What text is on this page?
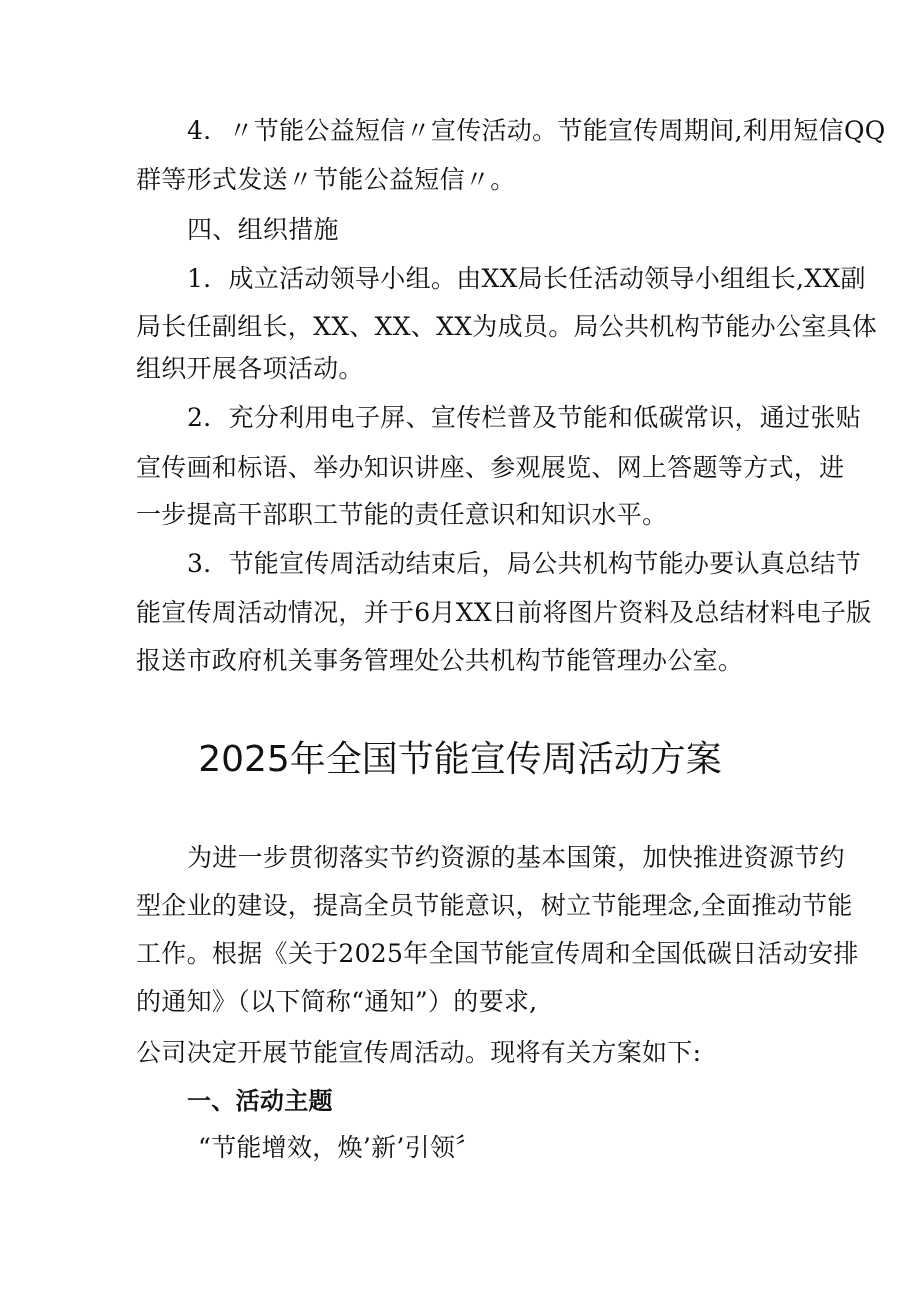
4．〃节能公益短信〃宣传活动。节能宣传周期间,利用短信QQ
群等形式发送〃节能公益短信〃。
四、组织措施
1．成立活动领导小组。由XX局长任活动领导小组组长,XX副
局长任副组长，XX、XX、XX为成员。局公共机构节能办公室具体
组织开展各项活动。
2．充分利用电子屏、宣传栏普及节能和低碳常识，通过张贴
宣传画和标语、举办知识讲座、参观展览、网上答题等方式，进
一步提高干部职工节能的责任意识和知识水平。
3．节能宣传周活动结束后，局公共机构节能办要认真总结节
能宣传周活动情况，并于6月XX日前将图片资料及总结材料电子版
报送市政府机关事务管理处公共机构节能管理办公室。
2025年全国节能宣传周活动方案
为进一步贯彻落实节约资源的基本国策，加快推进资源节约
型企业的建设，提高全员节能意识，树立节能理念,全面推动节能
工作。根据《关于2025年全国节能宣传周和全国低碳日活动安排
的通知》（以下简称“通知”）的要求,
公司决定开展节能宣传周活动。现将有关方案如下:
一、活动主题
“节能增效，焕’新’引领〞
